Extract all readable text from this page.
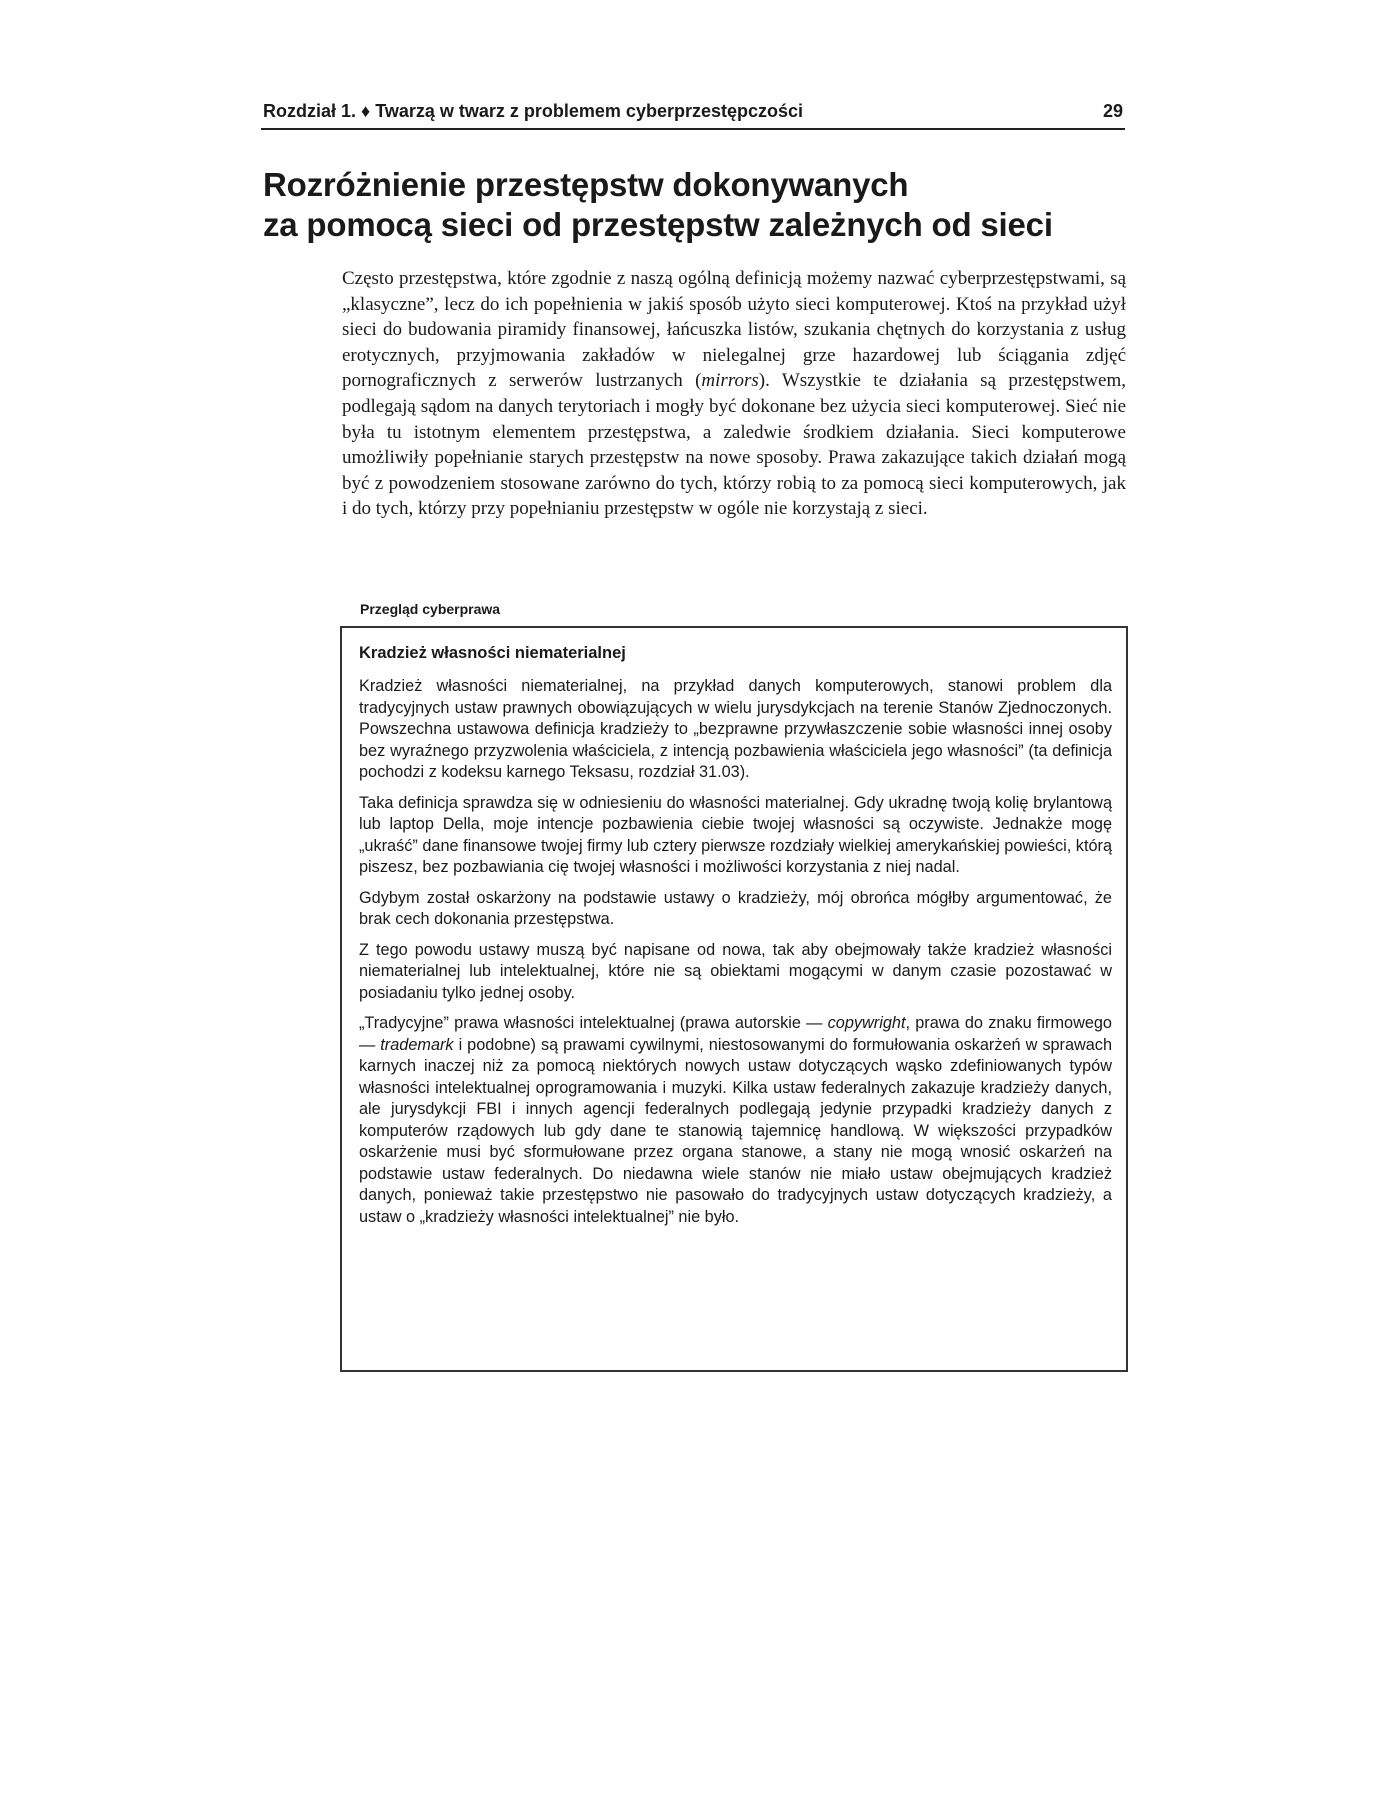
Rozdział 1. ♦ Twarzą w twarz z problemem cyberprzestępczości	29
Rozróżnienie przestępstw dokonywanych
za pomocą sieci od przestępstw zależnych od sieci

Często przestępstwa, które zgodnie z naszą ogólną definicją możemy nazwać cyberprzestępstwami, są „klasyczne”, lecz do ich popełnienia w jakiś sposób użyto sieci komputerowej. Ktoś na przykład użył sieci do budowania piramidy finansowej, łańcuszka listów, szukania chętnych do korzystania z usług erotycznych, przyjmowania zakładów w nielegalnej grze hazardowej lub ściągania zdjęć pornograficznych z serwerów lustrzanych (mirrors). Wszystkie te działania są przestępstwem, podlegają sądom na danych terytoriach i mogły być dokonane bez użycia sieci komputerowej. Sieć nie była tu istotnym elementem przestępstwa, a zaledwie środkiem działania. Sieci komputerowe umożliwiły popełnianie starych przestępstw na nowe sposoby. Prawa zakazujące takich działań mogą być z powodzeniem stosowane zarówno do tych, którzy robią to za pomocą sieci komputerowych, jak i do tych, którzy przy popełnianiu przestępstw w ogóle nie korzystają z sieci.

Przegląd cyberprawa
Kradzież własności niematerialnej

Kradzież własności niematerialnej, na przykład danych komputerowych, stanowi problem dla tradycyjnych ustaw prawnych obowiązujących w wielu jurysdykcjach na terenie Stanów Zjednoczonych. Powszechna ustawowa definicja kradzieży to „bezprawne przywłaszczenie sobie własności innej osoby bez wyraźnego przyzwolenia właściciela, z intencją pozbawienia właściciela jego własności” (ta definicja pochodzi z kodeksu karnego Teksasu, rozdział 31.03).

Taka definicja sprawdza się w odniesieniu do własności materialnej. Gdy ukradnę twoją kolię brylantową lub laptop Della, moje intencje pozbawienia ciebie twojej własności są oczywiste. Jednakże mogę „ukraść” dane finansowe twojej firmy lub cztery pierwsze rozdziały wielkiej amerykańskiej powieści, którą piszesz, bez pozbawiania cię twojej własności i możliwości korzystania z niej nadal.

Gdybym został oskarżony na podstawie ustawy o kradzieży, mój obrońca mógłby argumentować, że brak cech dokonania przestępstwa.

Z tego powodu ustawy muszą być napisane od nowa, tak aby obejmowały także kradzież własności niematerialnej lub intelektualnej, które nie są obiektami mogącymi w danym czasie pozostawać w posiadaniu tylko jednej osoby.

„Tradycyjne” prawa własności intelektualnej (prawa autorskie — copywright, prawa do znaku firmowego — trademark i podobne) są prawami cywilnymi, niestosowanymi do formułowania oskarżeń w sprawach karnych inaczej niż za pomocą niektórych nowych ustaw dotyczących wąsko zdefiniowanych typów własności intelektualnej oprogramowania i muzyki. Kilka ustaw federalnych zakazuje kradzieży danych, ale jurysdykcji FBI i innych agencji federalnych podlegają jedynie przypadki kradzieży danych z komputerów rządowych lub gdy dane te stanowią tajemnicę handlową. W większości przypadków oskarżenie musi być sformułowane przez organa stanowe, a stany nie mogą wnosić oskarżeń na podstawie ustaw federalnych. Do niedawna wiele stanów nie miało ustaw obejmujących kradzież danych, ponieważ takie przestępstwo nie pasowało do tradycyjnych ustaw dotyczących kradzieży, a ustaw o „kradzieży własności intelektualnej” nie było.
